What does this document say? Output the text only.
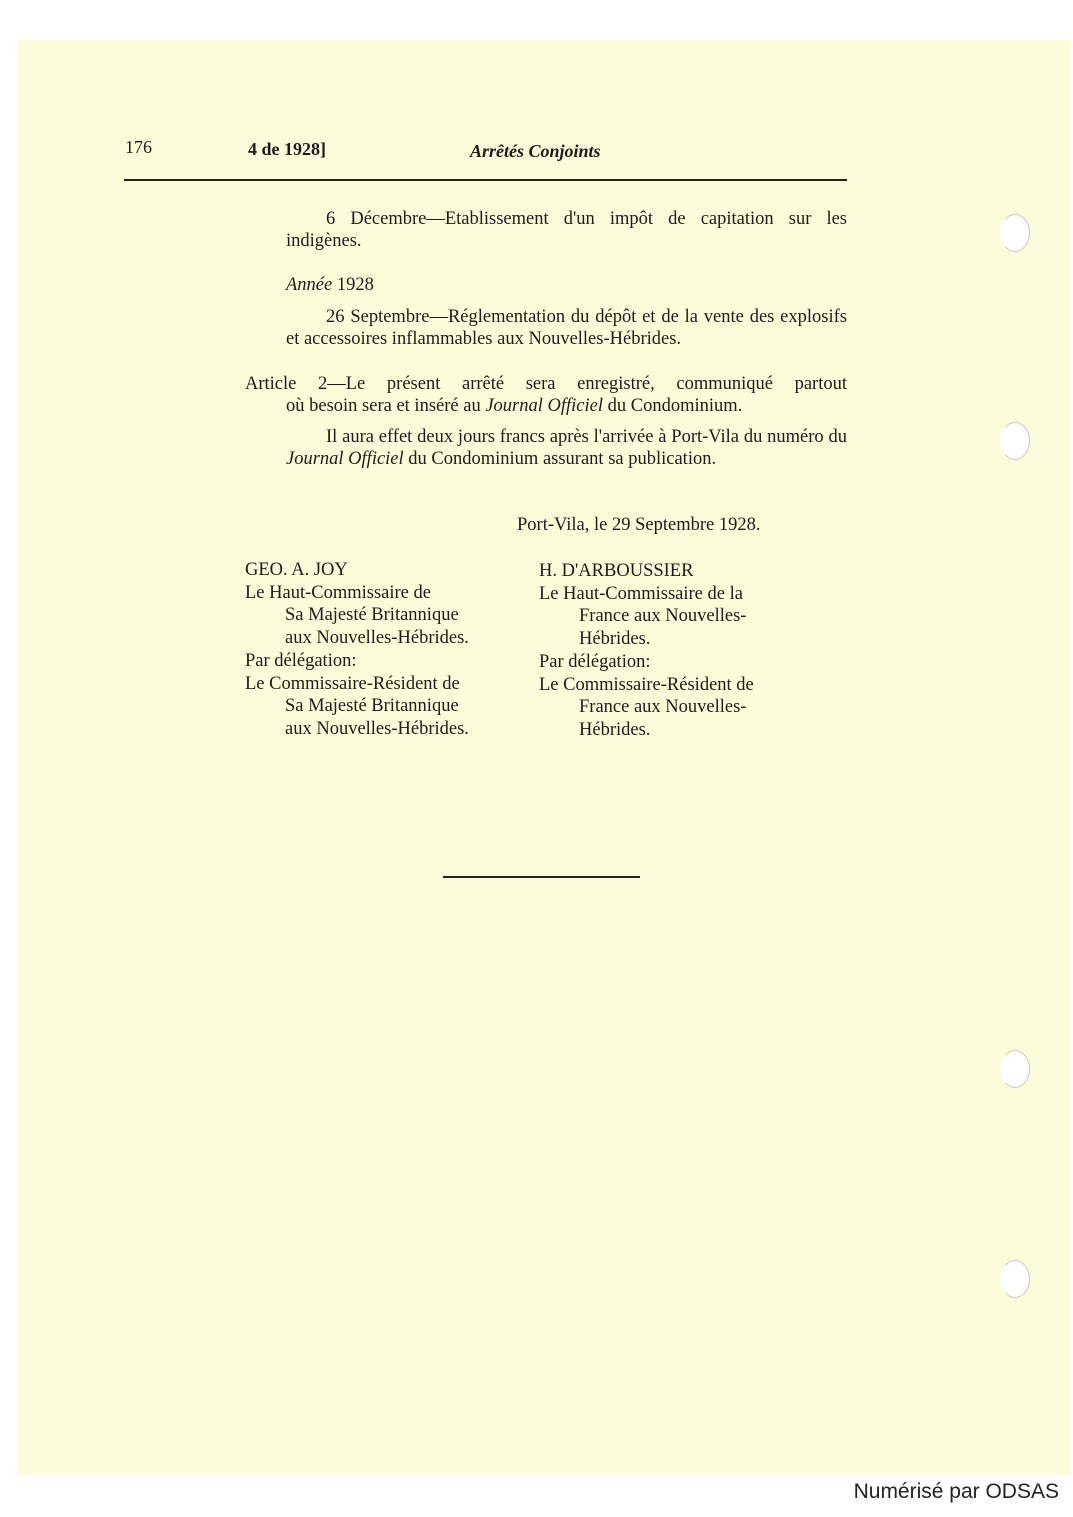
176	4 de 1928]	Arrêtés Conjoints
6 Décembre—Etablissement d'un impôt de capitation sur les indigènes.
Année 1928
26 Septembre—Réglementation du dépôt et de la vente des explosifs et accessoires inflammables aux Nouvelles-Hébrides.
Article 2—Le présent arrêté sera enregistré, communiqué partout
où besoin sera et inséré au Journal Officiel du Condominium.
Il aura effet deux jours francs après l'arrivée à Port-Vila du numéro du Journal Officiel du Condominium assurant sa publication.
Port-Vila, le 29 Septembre 1928.
GEO. A. JOY
Le Haut-Commissaire de
Sa Majesté Britannique
aux Nouvelles-Hébrides.
Par délégation:
Le Commissaire-Résident de
Sa Majesté Britannique
aux Nouvelles-Hébrides.
H. D'ARBOUSSIER
Le Haut-Commissaire de la
France aux Nouvelles-
Hébrides.
Par délégation:
Le Commissaire-Résident de
France aux Nouvelles-
Hébrides.
Numérisé par ODSAS
